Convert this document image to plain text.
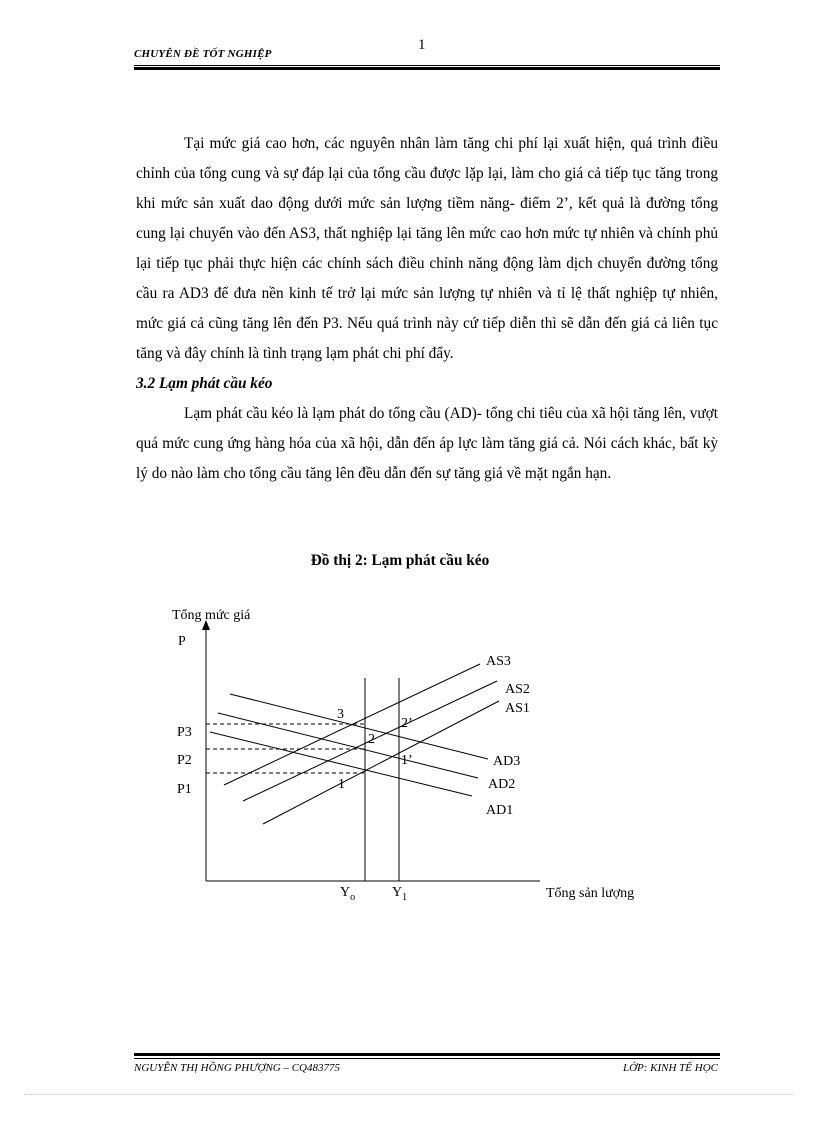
1
CHUYÊN ĐỀ TỐT NGHIỆP

Tại mức giá cao hơn, các nguyên nhân làm tăng chi phí lại xuất hiện, quá trình điều chỉnh của tổng cung và sự đáp lại của tổng cầu được lặp lại, làm cho giá cả tiếp tục tăng trong khi mức sản xuất dao động dưới mức sản lượng tiềm năng- điểm 2’, kết quả là đường tổng cung lại chuyển vào đến AS3, thất nghiệp lại tăng lên mức cao hơn mức tự nhiên và chính phủ lại tiếp tục phải thực hiện các chính sách điều chỉnh năng động làm dịch chuyển đường tổng cầu ra AD3 để đưa nền kinh tế trở lại mức sản lượng tự nhiên và tỉ lệ thất nghiệp tự nhiên, mức giá cả cũng tăng lên đến P3. Nếu quá trình này cứ tiếp diễn thì sẽ dẫn đến giá cả liên tục tăng và đây chính là tình trạng lạm phát chi phí đẩy.

3.2 Lạm phát cầu kéo

Lạm phát cầu kéo là lạm phát do tổng cầu (AD)- tổng chi tiêu của xã hội tăng lên, vượt quá mức cung ứng hàng hóa của xã hội, dẫn đến áp lực làm tăng giá cả. Nói cách khác, bất kỳ lý do nào làm cho tổng cầu tăng lên đều dẫn đến sự tăng giá về mặt ngắn hạn.

Đồ thị 2: Lạm phát cầu kéo
Tổng mức giá
P
Tổng sản lượng
P3
P2
P1
$Y_o$	$Y_1$
AS3
AS2
AS1
AD3
AD2
AD1
3
2’
2
1’
1
NGUYỄN THỊ HỒNG PHƯỢNG – CQ483775	LỚP: KINH TẾ HỌC
